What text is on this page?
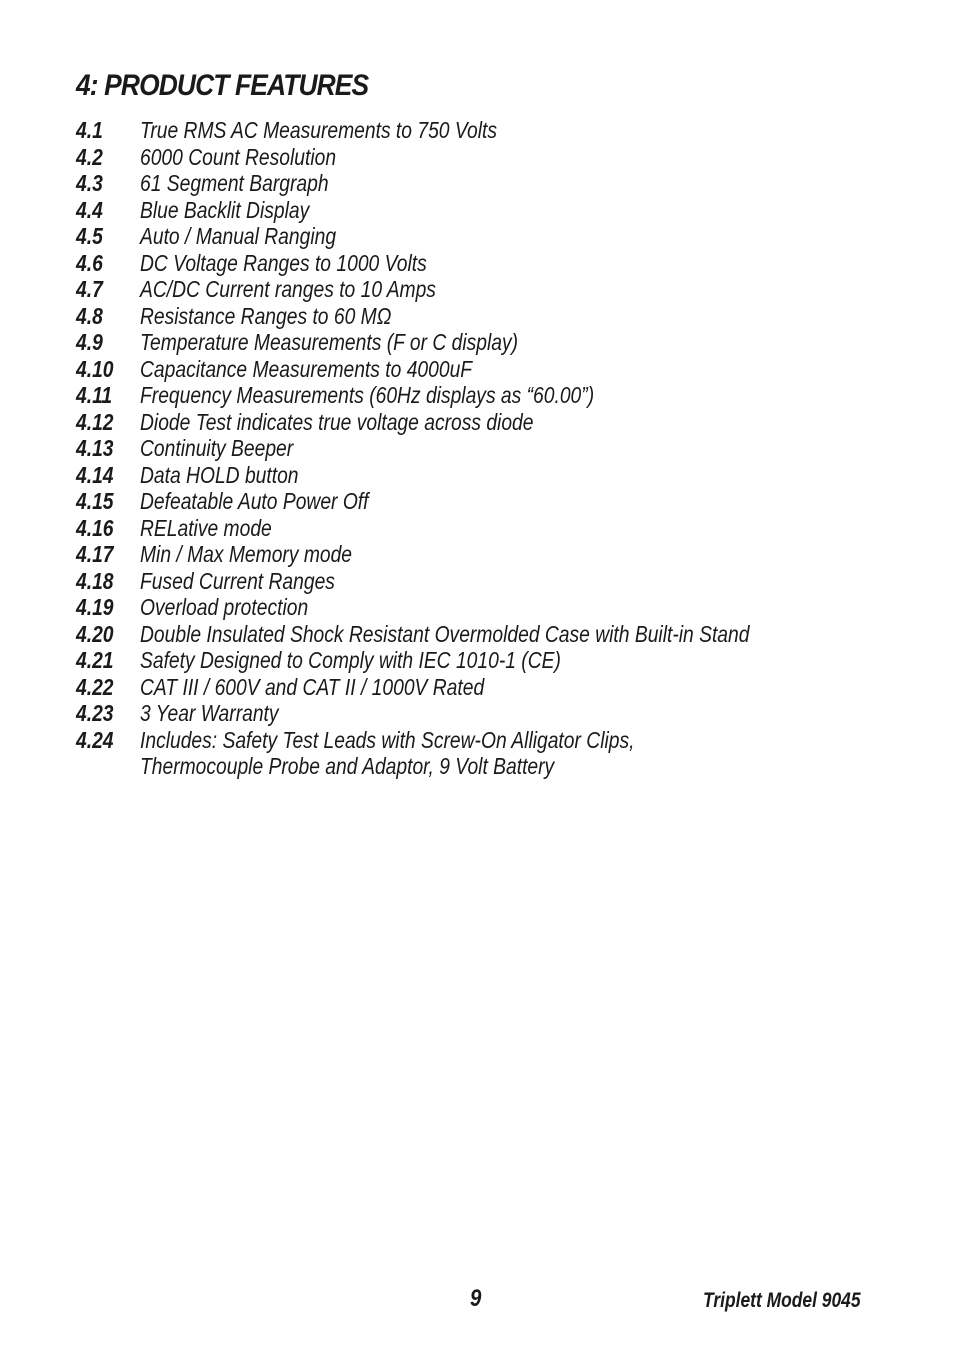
4: PRODUCT FEATURES
4.1	True RMS AC Measurements to 750 Volts
4.2	6000 Count Resolution
4.3	61 Segment Bargraph
4.4	Blue Backlit Display
4.5	Auto / Manual Ranging
4.6	DC Voltage Ranges to 1000 Volts
4.7	AC/DC Current ranges to 10 Amps
4.8	Resistance Ranges to 60 MΩ
4.9	Temperature Measurements (F or C display)
4.10	Capacitance Measurements to 4000uF
4.11	Frequency Measurements (60Hz displays as “60.00”)
4.12	Diode Test indicates true voltage across diode
4.13	Continuity Beeper
4.14	Data HOLD button
4.15	Defeatable Auto Power Off
4.16	RELative mode
4.17	Min / Max Memory mode
4.18	Fused Current Ranges
4.19	Overload protection
4.20	Double Insulated Shock Resistant Overmolded Case with Built-in Stand
4.21	Safety Designed to Comply with IEC 1010-1 (CE)
4.22	CAT III / 600V and CAT II / 1000V Rated
4.23	3 Year Warranty
4.24	Includes: Safety Test Leads with Screw-On Alligator Clips,
Thermocouple Probe and Adaptor, 9 Volt Battery
9	Triplett Model 9045
